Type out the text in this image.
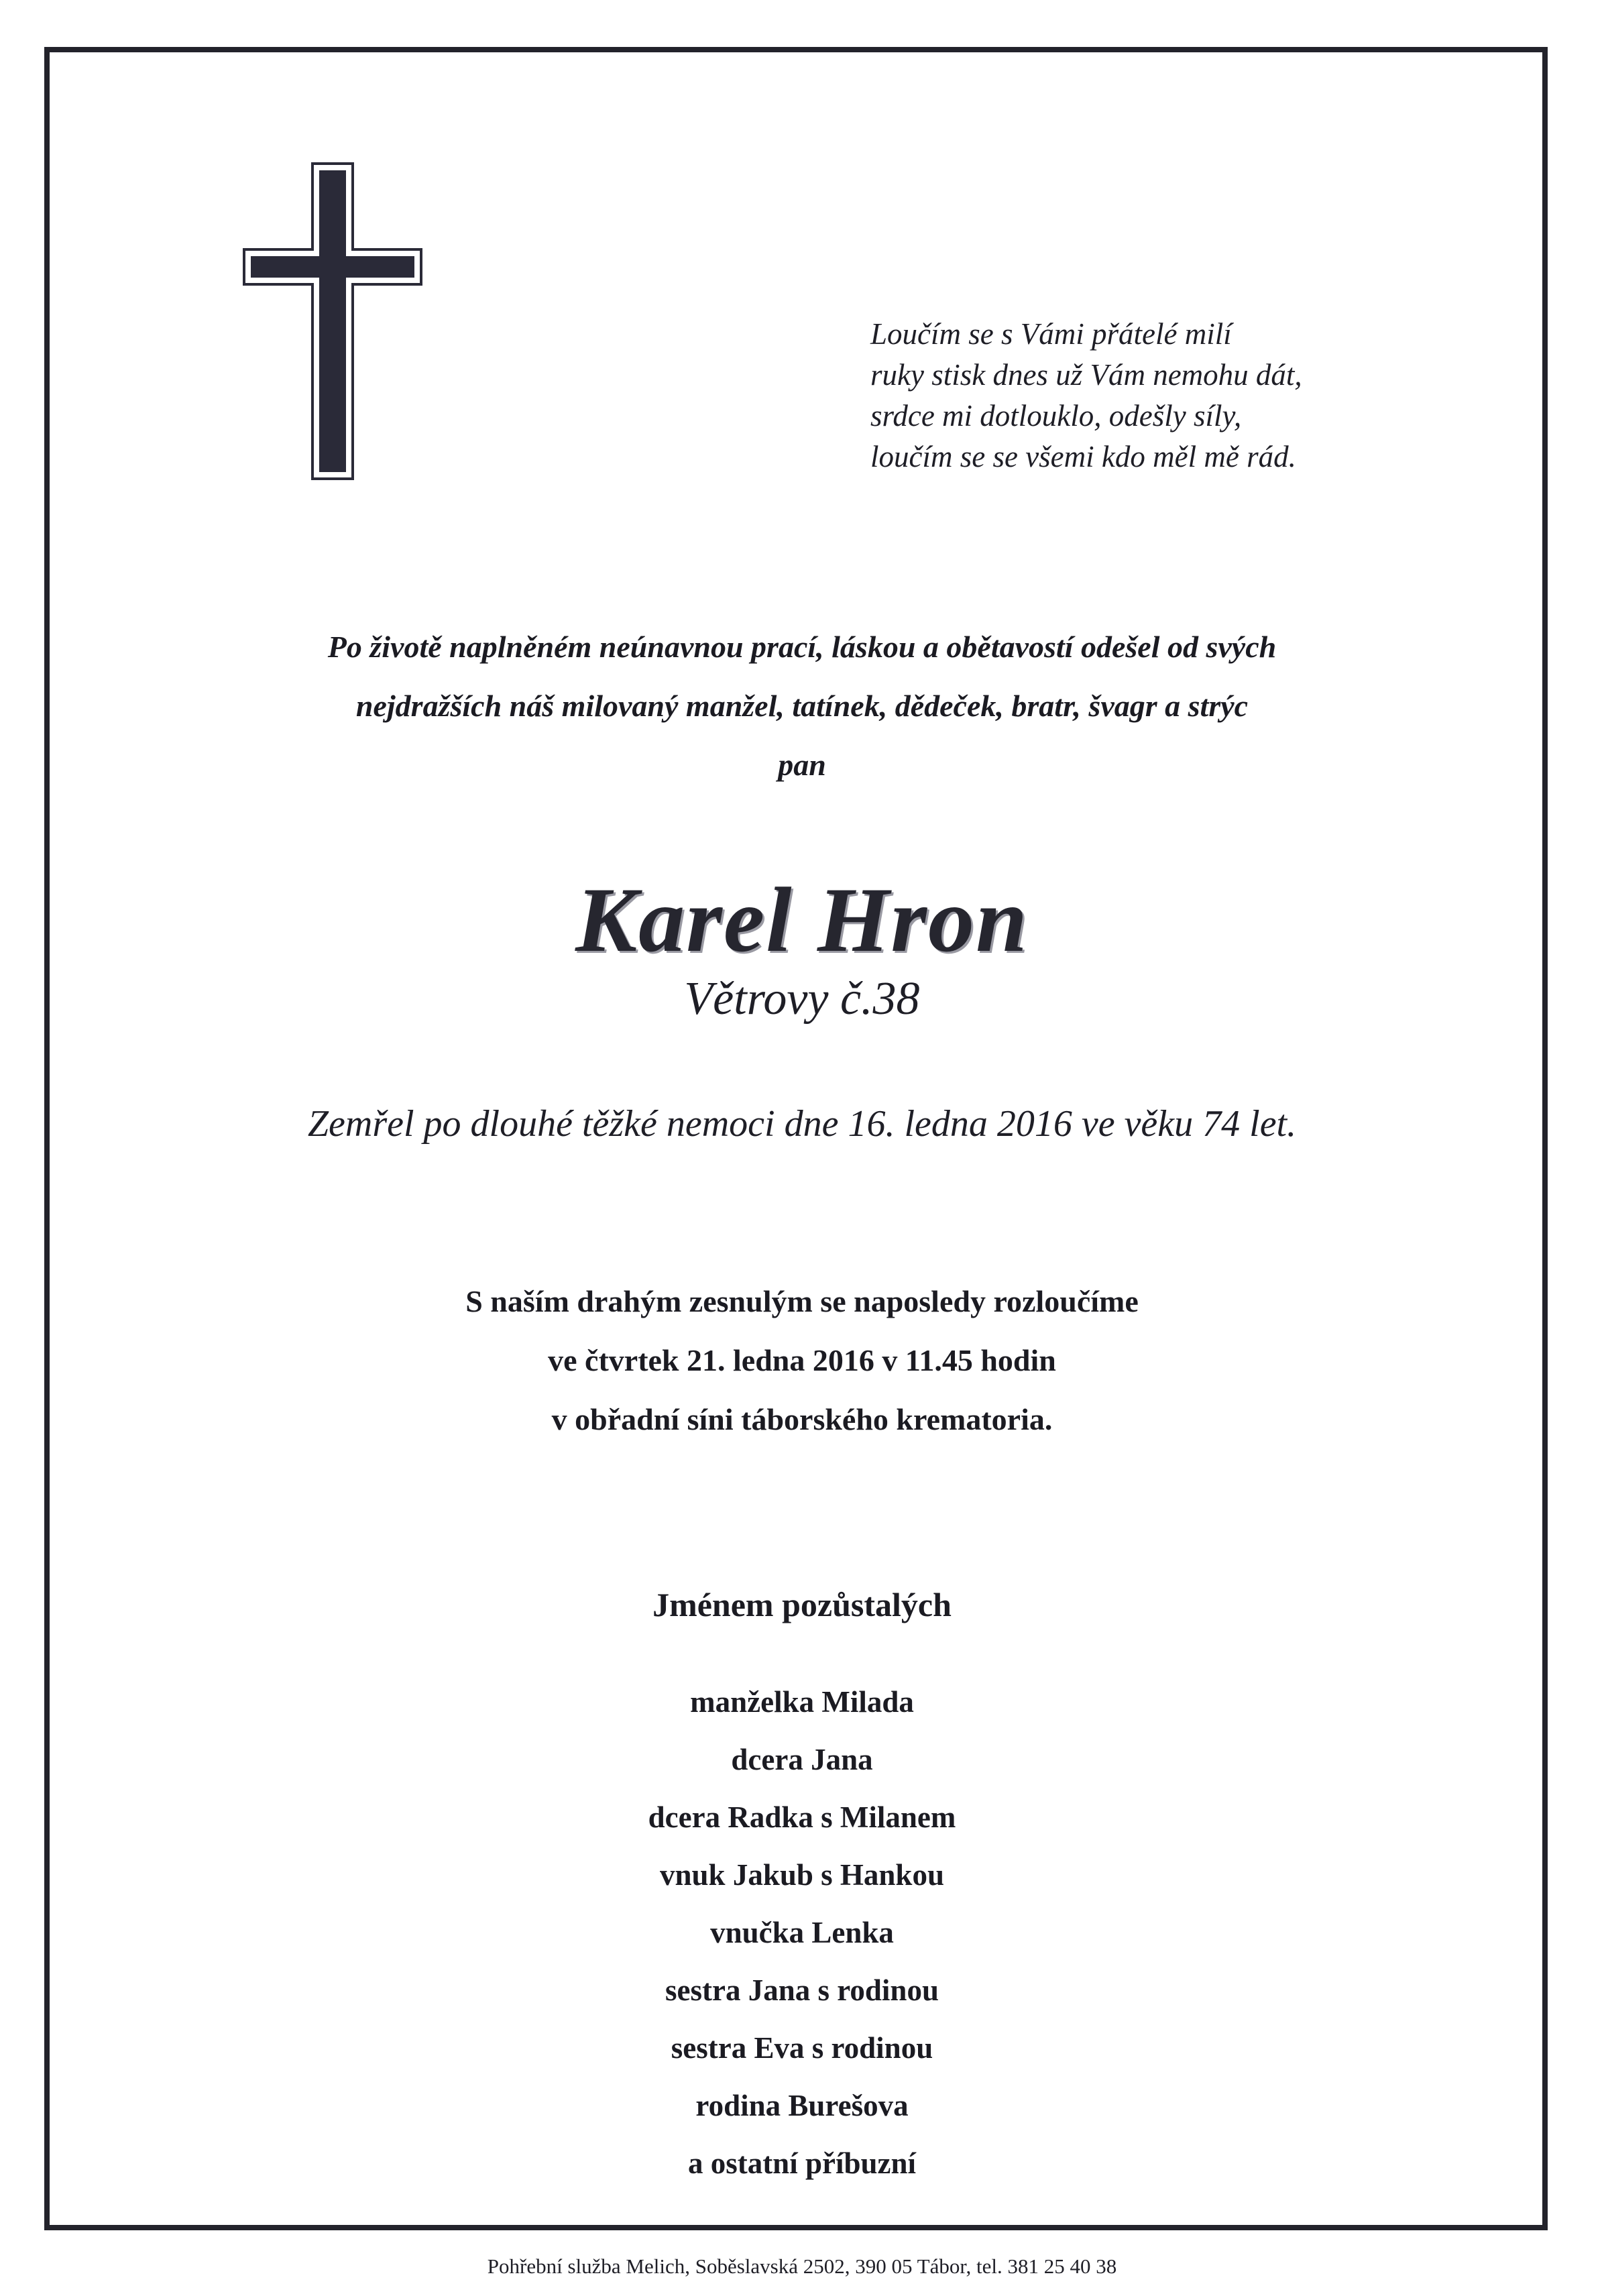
Loučím se s Vámi přátelé milí
ruky stisk dnes už Vám nemohu dát,
srdce mi dotlouklo, odešly síly,
loučím se se všemi kdo měl mě rád.
Po životě naplněném neúnavnou prací, láskou a obětavostí odešel od svých
nejdražších náš milovaný manžel, tatínek, dědeček, bratr, švagr a strýc
pan
Karel Hron
Větrovy č.38
Zemřel po dlouhé těžké nemoci dne 16. ledna 2016 ve věku 74 let.
S naším drahým zesnulým se naposledy rozloučíme
ve čtvrtek 21. ledna 2016 v 11.45 hodin
v obřadní síni táborského krematoria.
Jménem pozůstalých
manželka Milada
dcera Jana
dcera Radka s Milanem
vnuk Jakub s Hankou
vnučka Lenka
sestra Jana s rodinou
sestra Eva s rodinou
rodina Burešova
a ostatní příbuzní
Pohřební služba Melich, Soběslavská 2502, 390 05 Tábor, tel. 381 25 40 38
